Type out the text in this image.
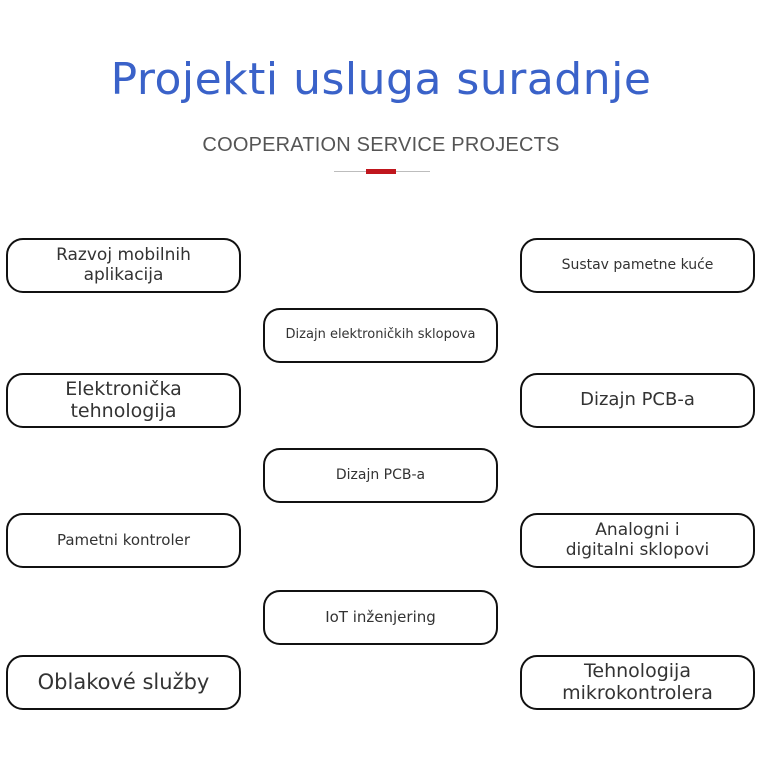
Projekti usluga suradnje
COOPERATION SERVICE PROJECTS
Razvoj mobilnih
aplikacija
Elektronička
tehnologija
Pametni kontroler
Oblakové služby
Dizajn elektroničkih sklopova
Dizajn PCB-a
IoT inženjering
Sustav pametne kuće
Dizajn PCB-a
Analogni i
digitalni sklopovi
Tehnologija
mikrokontrolera
